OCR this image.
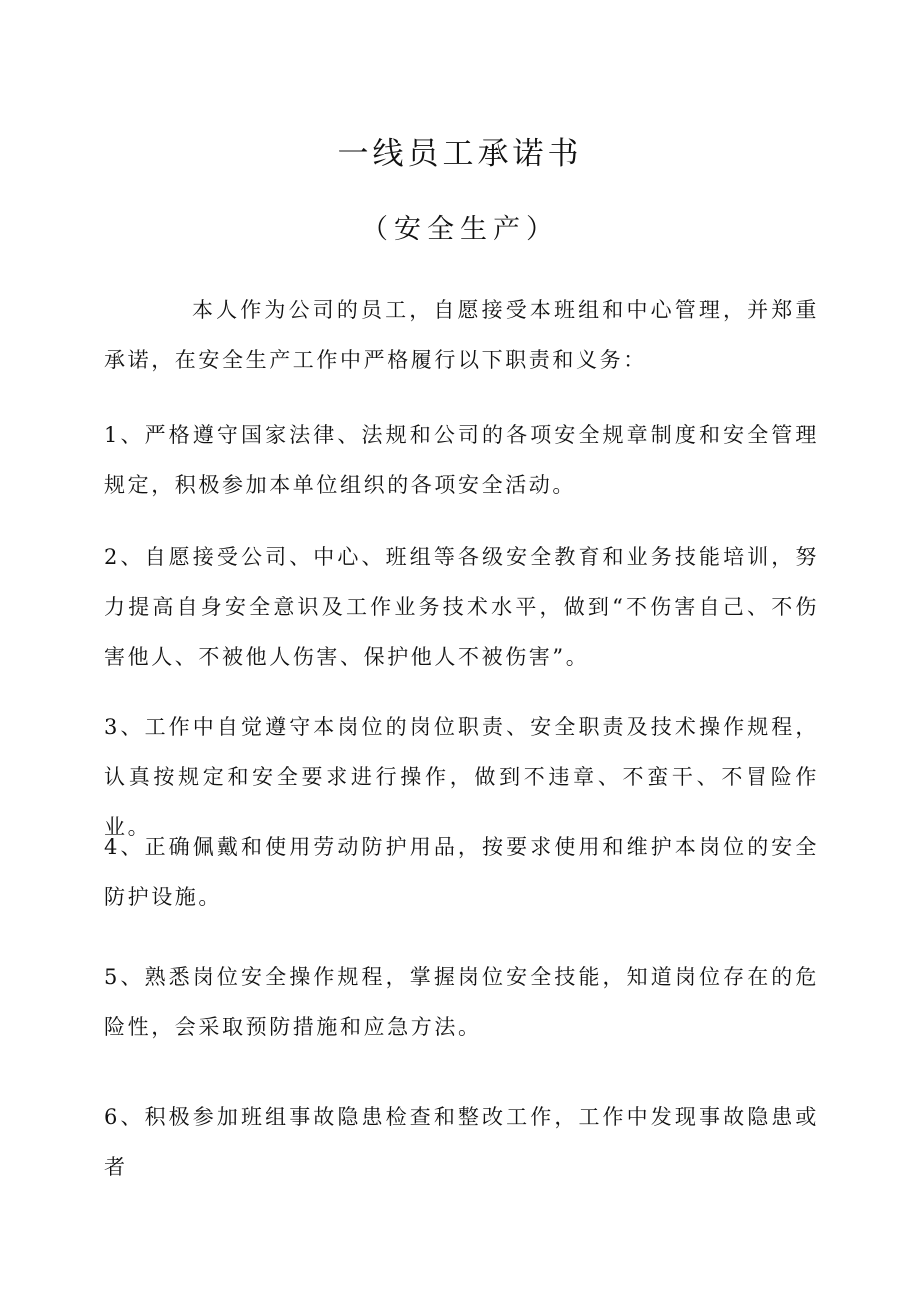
一线员工承诺书
（安全生产）

本人作为公司的员工，自愿接受本班组和中心管理，并郑重承诺，在安全生产工作中严格履行以下职责和义务：

1、严格遵守国家法律、法规和公司的各项安全规章制度和安全管理规定，积极参加本单位组织的各项安全活动。

2、自愿接受公司、中心、班组等各级安全教育和业务技能培训，努力提高自身安全意识及工作业务技术水平，做到“不伤害自己、不伤害他人、不被他人伤害、保护他人不被伤害”。

3、工作中自觉遵守本岗位的岗位职责、安全职责及技术操作规程，认真按规定和安全要求进行操作，做到不违章、不蛮干、不冒险作业。

4、正确佩戴和使用劳动防护用品，按要求使用和维护本岗位的安全防护设施。

5、熟悉岗位安全操作规程，掌握岗位安全技能，知道岗位存在的危险性，会采取预防措施和应急方法。

6、积极参加班组事故隐患检查和整改工作，工作中发现事故隐患或者
